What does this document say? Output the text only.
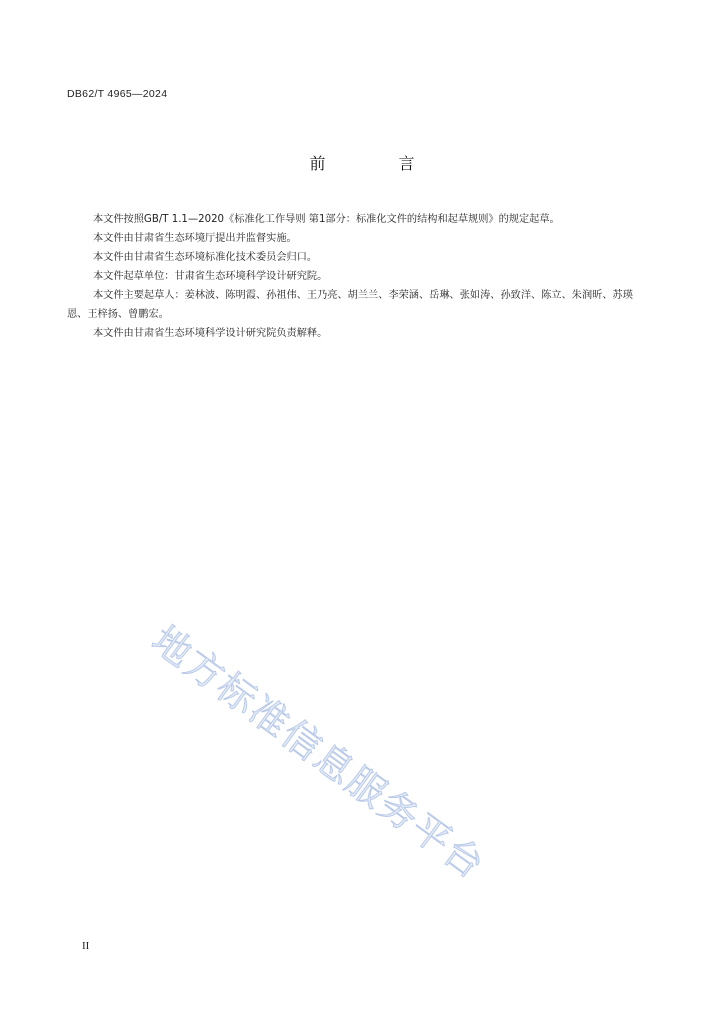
DB62/T 4965—2024
前 言

本文件按照GB/T 1.1—2020《标准化工作导则 第1部分：标准化文件的结构和起草规则》的规定起草。

本文件由甘肃省生态环境厅提出并监督实施。

本文件由甘肃省生态环境标准化技术委员会归口。

本文件起草单位：甘肃省生态环境科学设计研究院。

本文件主要起草人：姜林波、陈明霞、孙祖伟、王乃亮、胡兰兰、李荣涵、岳琳、张如涛、孙致洋、陈立、朱润昕、苏瑛恩、王梓扬、曾鹏宏。

本文件由甘肃省生态环境科学设计研究院负责解释。

地方标准信息服务平台
II
